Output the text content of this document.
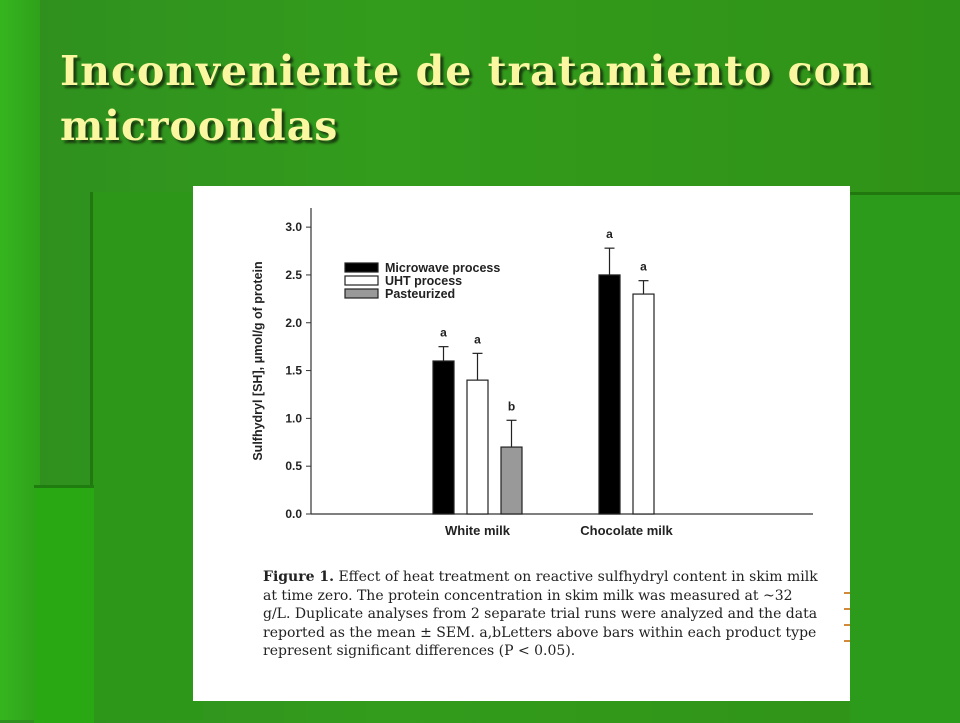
Inconveniente de tratamiento con microondas
0.0
0.5
1.0
1.5
2.0
2.5
3.0
Sulfhydryl [SH], μmol/g of protein	a a
b
White milk
a
a
Chocolate milk
Microwave process
UHT process
Pasteurized

Figure 1. Effect of heat treatment on reactive sulfhydryl content in skim milk at time zero. The protein concentration in skim milk was measured at ~32 g/L. Duplicate analyses from 2 separate trial runs were analyzed and the data reported as the mean ± SEM. a,bLetters above bars within each product type represent significant differences (P < 0.05).
